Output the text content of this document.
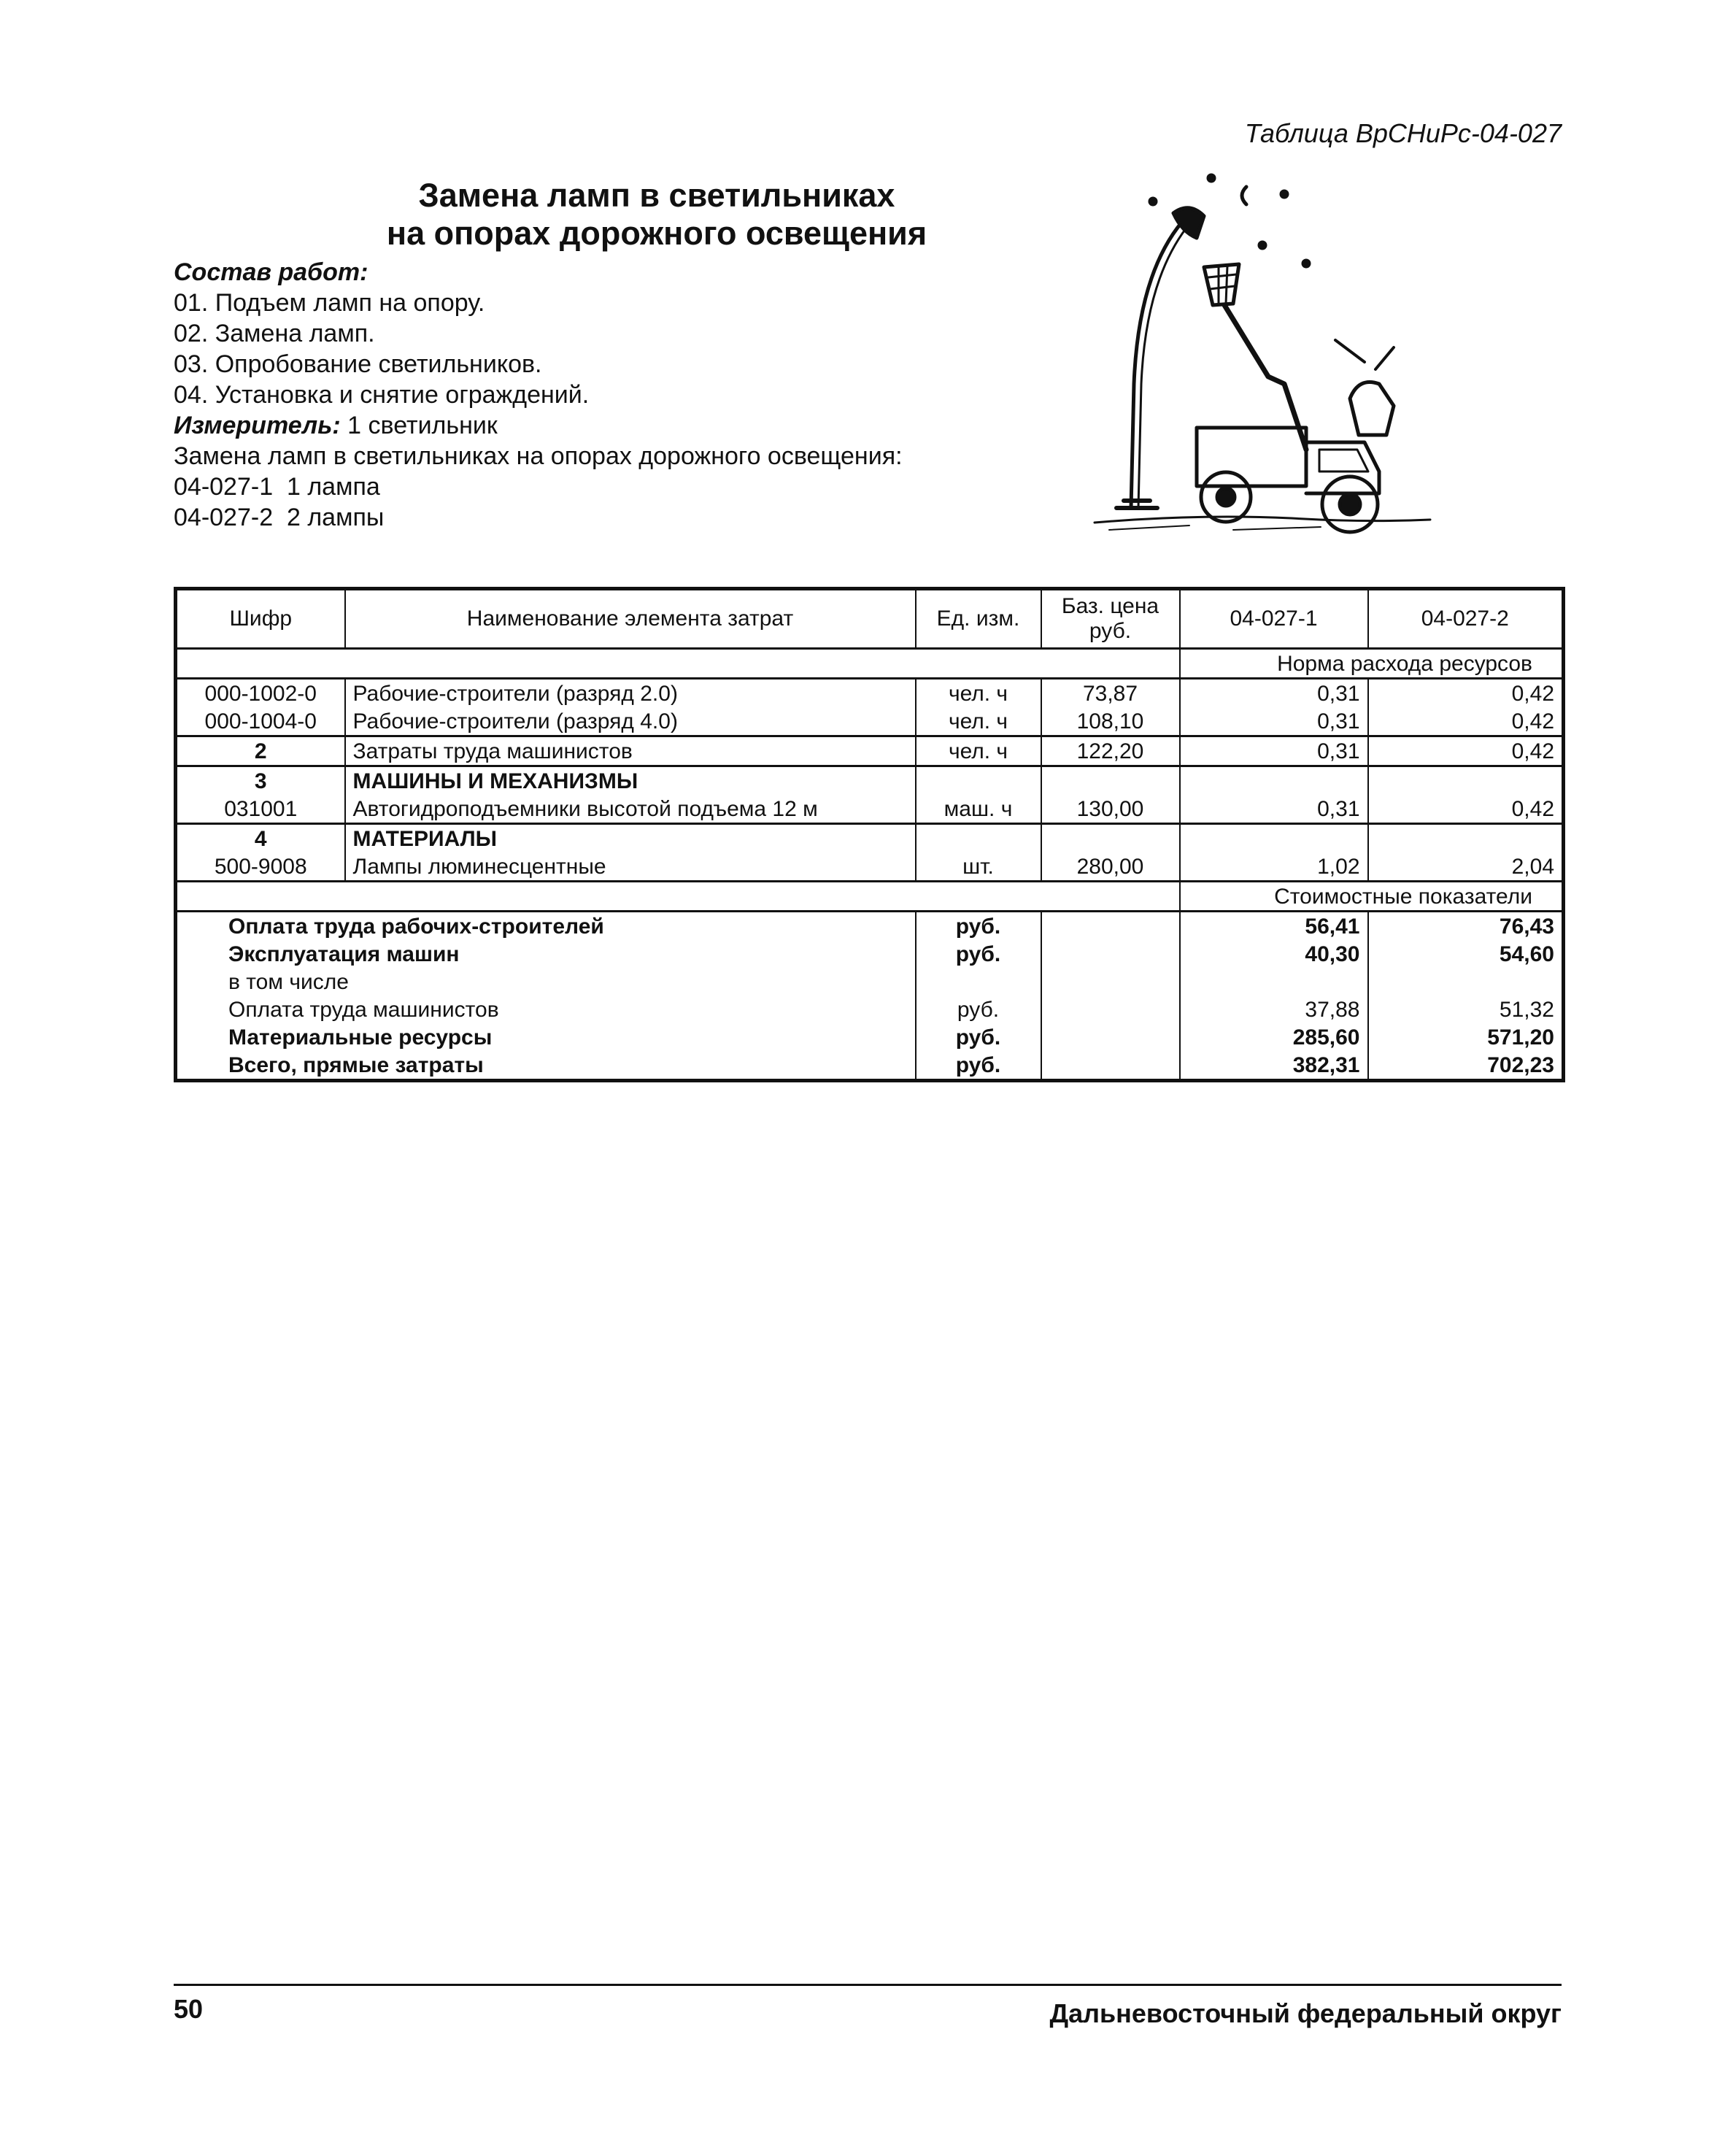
Таблица ВрСНиРс-04-027
Замена ламп в светильниках
на опорах дорожного освещения
Состав работ:
01. Подъем ламп на опору.
02. Замена ламп.
03. Опробование светильников.
04. Установка и снятие ограждений.
Измеритель: 1 светильник
Замена ламп в светильниках на опорах дорожного освещения:
04-027-1  1 лампа
04-027-2  2 лампы
Шифр	Наименование элемента затрат	Ед. изм.	Баз. цена руб.	04-027-1	04-027-2
				Норма расхода ресурсов	
000-1002-0	Рабочие-строители (разряд 2.0)	чел. ч	73,87	0,31	0,42
000-1004-0	Рабочие-строители (разряд 4.0)	чел. ч	108,10	0,31	0,42
2	Затраты труда машинистов	чел. ч	122,20	0,31	0,42
3	МАШИНЫ И МЕХАНИЗМЫ				
031001	Автогидроподъемники высотой подъема 12 м	маш. ч	130,00	0,31	0,42
4	МАТЕРИАЛЫ				
500-9008	Лампы люминесцентные	шт.	280,00	1,02	2,04
				Стоимостные показатели	
Оплата труда рабочих-строителей		руб.		56,41	76,43
Эксплуатация машин		руб.		40,30	54,60
в том числе					
Оплата труда машинистов		руб.		37,88	51,32
Материальные ресурсы		руб.		285,60	571,20
Всего, прямые затраты		руб.		382,31	702,23
50	Дальневосточный федеральный округ
